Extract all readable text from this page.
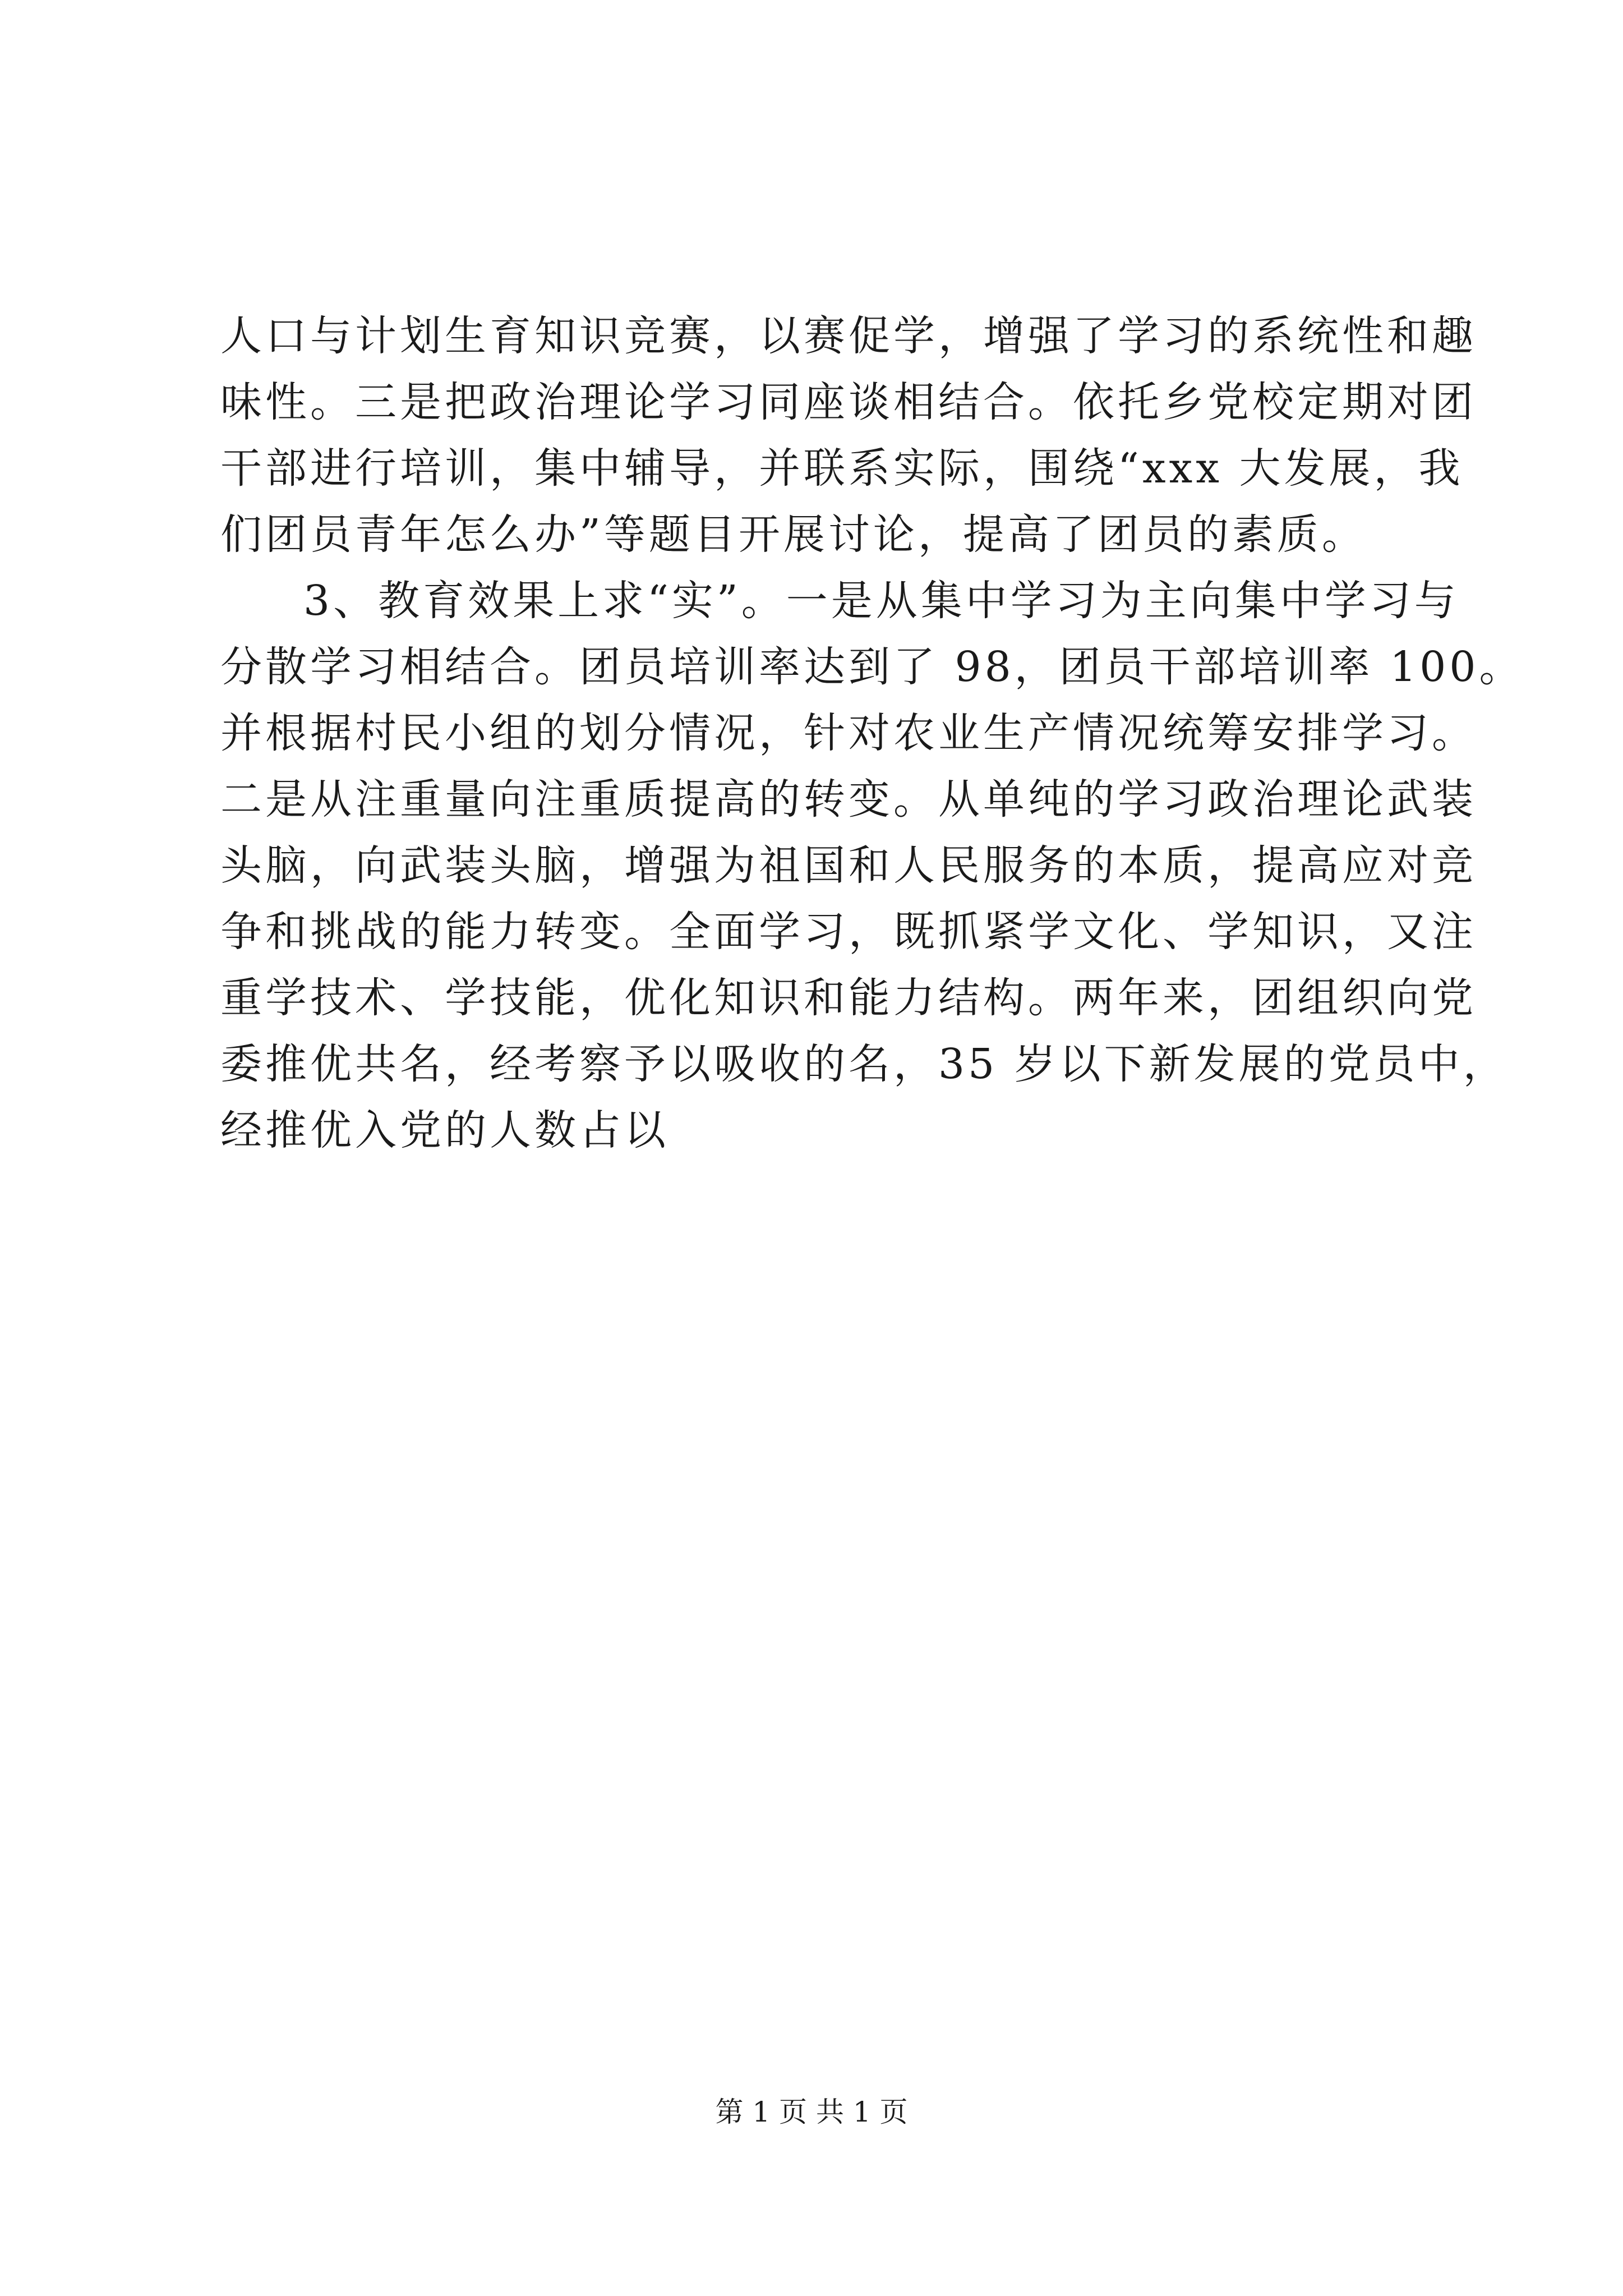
人口与计划生育知识竞赛，以赛促学，增强了学习的系统性和趣
味性。三是把政治理论学习同座谈相结合。依托乡党校定期对团
干部进行培训，集中辅导，并联系实际，围绕“xxx 大发展，我
们团员青年怎么办”等题目开展讨论，提高了团员的素质。
3、教育效果上求“实”。一是从集中学习为主向集中学习与
分散学习相结合。团员培训率达到了 98，团员干部培训率 100。
并根据村民小组的划分情况，针对农业生产情况统筹安排学习。
二是从注重量向注重质提高的转变。从单纯的学习政治理论武装
头脑，向武装头脑，增强为祖国和人民服务的本质，提高应对竞
争和挑战的能力转变。全面学习，既抓紧学文化、学知识，又注
重学技术、学技能，优化知识和能力结构。两年来，团组织向党
委推优共名，经考察予以吸收的名，35 岁以下新发展的党员中，
经推优入党的人数占以
第 1 页 共 1 页
